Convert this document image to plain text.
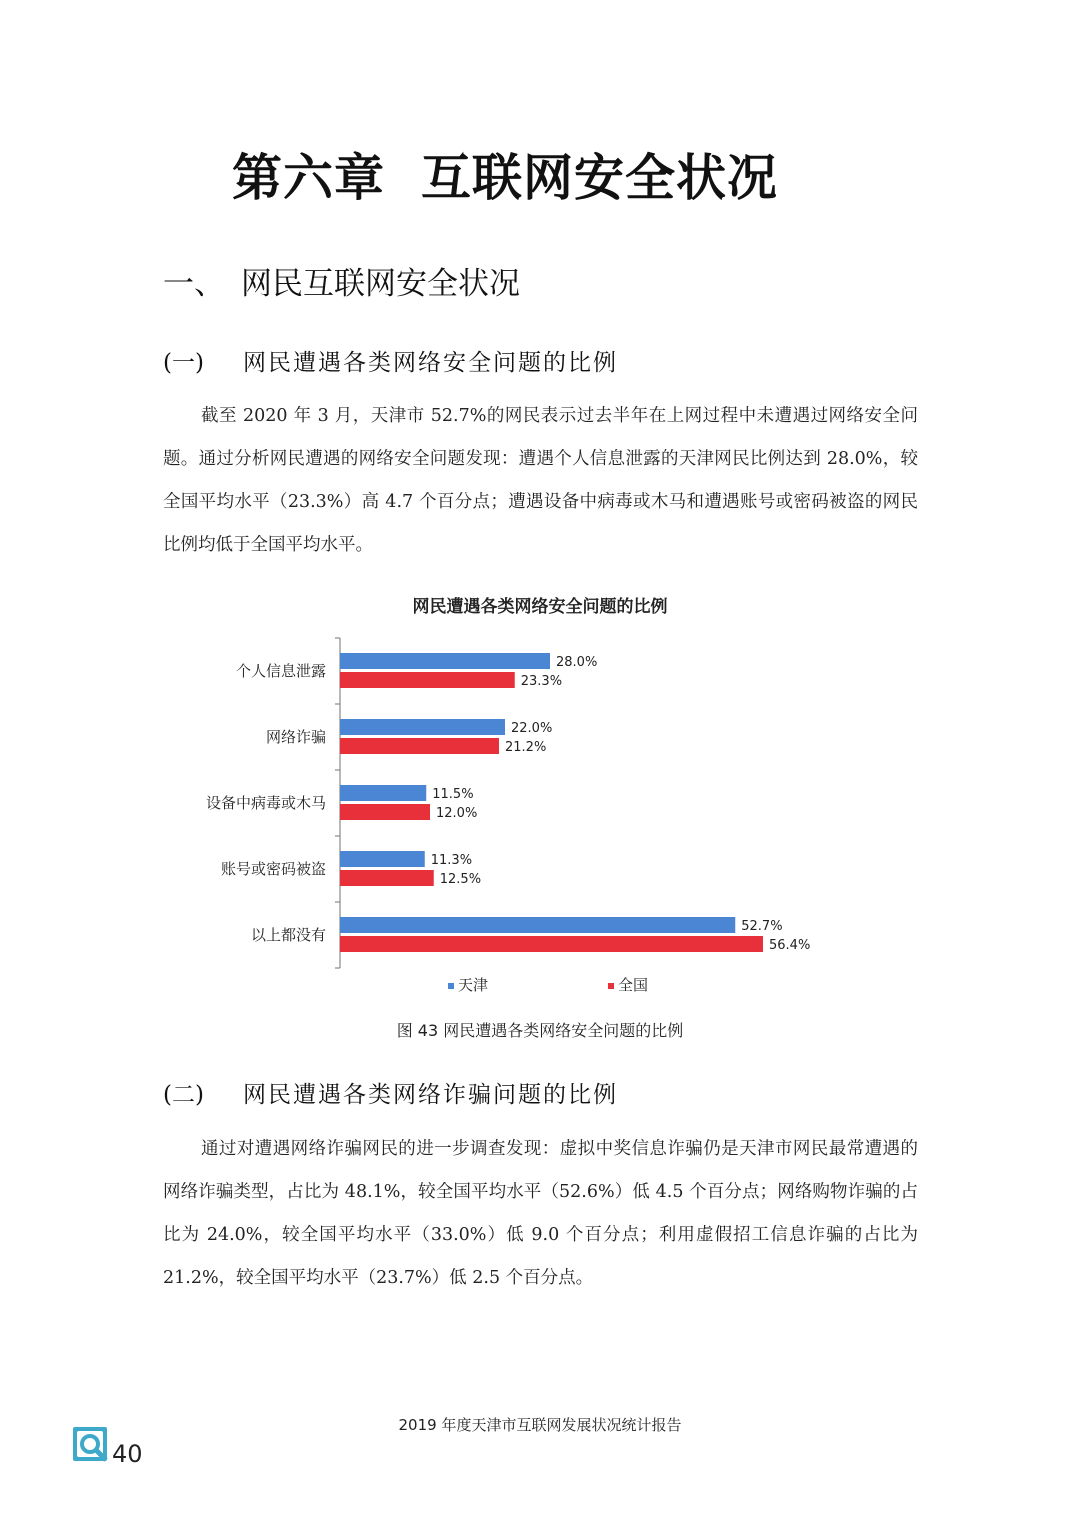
第六章 互联网安全状况
一、 网民互联网安全状况
(一) 网民遭遇各类网络安全问题的比例

截至 2020 年 3 月，天津市 52.7%的网民表示过去半年在上网过程中未遭遇过网络安全问题。通过分析网民遭遇的网络安全问题发现：遭遇个人信息泄露的天津网民比例达到 28.0%，较全国平均水平（23.3%）高 4.7 个百分点；遭遇设备中病毒或木马和遭遇账号或密码被盗的网民比例均低于全国平均水平。

网民遭遇各类网络安全问题的比例
个人信息泄露	28.0%
23.3%
网络诈骗	22.0%
21.2%
设备中病毒或木马	11.5%
12.0%
账号或密码被盗	11.3%
12.5%
以上都没有	52.7%
56.4%
天津	全国
图 43 网民遭遇各类网络安全问题的比例
(二) 网民遭遇各类网络诈骗问题的比例

通过对遭遇网络诈骗网民的进一步调查发现：虚拟中奖信息诈骗仍是天津市网民最常遭遇的网络诈骗类型，占比为 48.1%，较全国平均水平（52.6%）低 4.5 个百分点；网络购物诈骗的占比为 24.0%，较全国平均水平（33.0%）低 9.0 个百分点；利用虚假招工信息诈骗的占比为 21.2%，较全国平均水平（23.7%）低 2.5 个百分点。

2019 年度天津市互联网发展状况统计报告
40
